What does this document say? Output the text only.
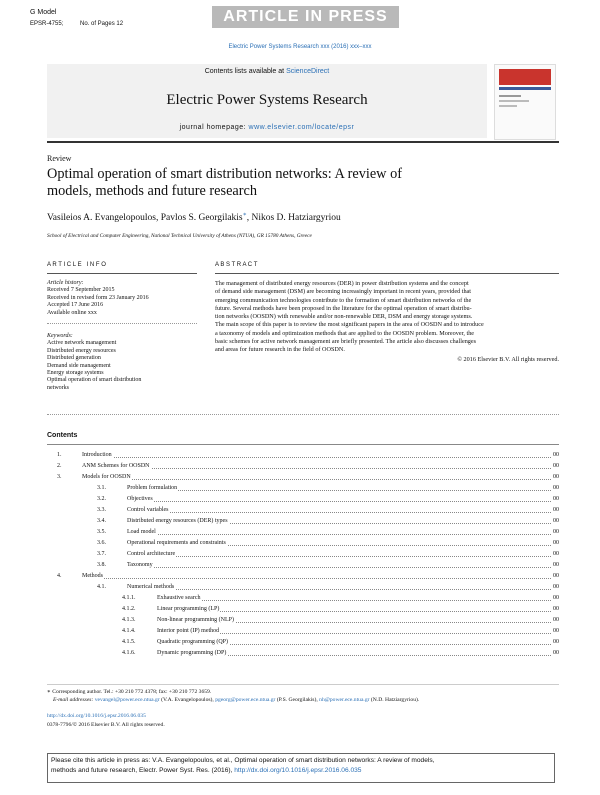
G Model
EPSR-4755;	No. of Pages 12	ARTICLE IN PRESS
Electric Power Systems Research xxx (2016) xxx–xxx
Contents lists available at ScienceDirect
Electric Power Systems Research
journal homepage: www.elsevier.com/locate/epsr
Review
Optimal operation of smart distribution networks: A review of
models, methods and future research
Vasileios A. Evangelopoulos, Pavlos S. Georgilakis∗, Nikos D. Hatziargyriou
School of Electrical and Computer Engineering, National Technical University of Athens (NTUA), GR 15780 Athens, Greece
A R T I C L E   I N F O
Article history:
Received 7 September 2015
Received in revised form 23 January 2016
Accepted 17 June 2016
Available online xxx
Keywords:
Active network management
Distributed energy resources
Distributed generation
Demand side management
Energy storage systems
Optimal operation of smart distribution
networks
A B S T R A C T
The management of distributed energy resources (DER) in power distribution systems and the concept
of demand side management (DSM) are becoming increasingly important in recent years, provided that
emerging communication technologies contribute to the formation of smart distribution networks of the
future. Several methods have been proposed in the literature for the optimal operation of smart distribu-
tion networks (OOSDN) with renewable and/or non-renewable DER, DSM and energy storage systems.
The main scope of this paper is to review the most significant papers in the area of OOSDN and to introduce
a taxonomy of models and optimization methods that are applied to the OOSDN problem. Moreover, the
basic schemes for active network management are briefly presented. The article also discusses challenges
and areas for future research in the field of OOSDN.
© 2016 Elsevier B.V. All rights reserved.
Contents
1.	Introduction	00
2.	ANM Schemes for OOSDN	00
3.	Models for OOSDN	00
3.1.	Problem formulation	00
3.2.	Objectives	00
3.3.	Control variables	00
3.4.	Distributed energy resources (DER) types	00
3.5.	Load model	00
3.6.	Operational requirements and constraints	00
3.7.	Control architecture	00
3.8.	Taxonomy	00
4.	Methods	00
4.1.	Numerical methods	00
4.1.1.	Exhaustive search	00
4.1.2.	Linear programming (LP)	00
4.1.3.	Non-linear programming (NLP)	00
4.1.4.	Interior point (IP) method	00
4.1.5.	Quadratic programming (QP)	00
4.1.6.	Dynamic programming (DP)	00
∗ Corresponding author. Tel.: +30 210 772 4378; fax: +30 210 772 3659.
E-mail addresses: vevangel@power.ece.ntua.gr (V.A. Evangelopoulos), pgeorg@power.ece.ntua.gr (P.S. Georgilakis), nh@power.ece.ntua.gr (N.D. Hatziargyriou).
http://dx.doi.org/10.1016/j.epsr.2016.06.035
0378-7796/© 2016 Elsevier B.V. All rights reserved.
Please cite this article in press as: V.A. Evangelopoulos, et al., Optimal operation of smart distribution networks: A review of models,
methods and future research, Electr. Power Syst. Res. (2016), http://dx.doi.org/10.1016/j.epsr.2016.06.035
